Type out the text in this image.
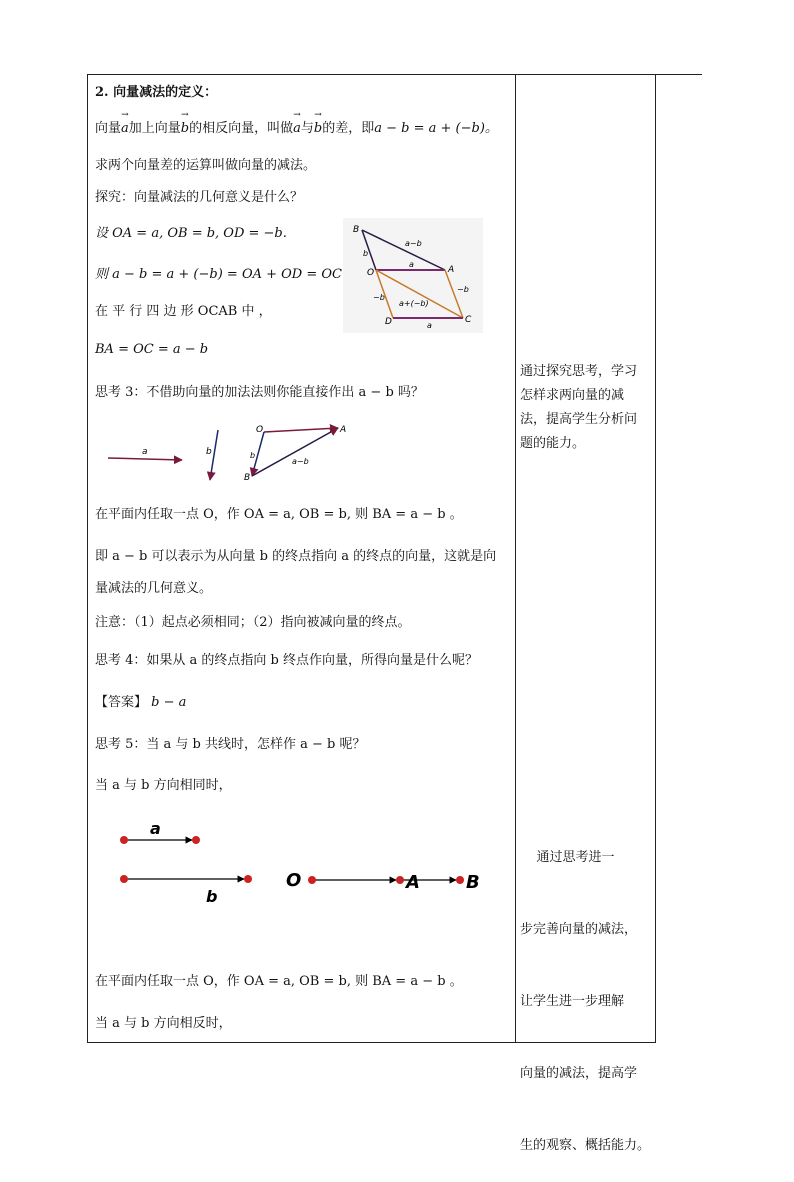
2. 向量减法的定义：
向量→ a加上向量→ b的相反向量，叫做→ a与→ b的差，即a − b = a + (−b)。
求两个向量差的运算叫做向量的减法。
探究：向量减法的几何意义是什么？
设 OA = a, OB = b, OD = −b.
则 a − b = a + (−b) = OA + OD = OC
在 平 行 四 边 形 OCAB 中 ，
BA = OC = a − b
B
O	A
D	C
a−b
a
b
−b
a+(−b)
a
−b
思考 3：不借助向量的加法法则你能直接作出 a − b 吗？
a	b
O	A
B
b
a−b
在平面内任取一点 O，作 OA = a, OB = b, 则 BA = a − b 。
即 a − b 可以表示为从向量 b 的终点指向 a 的终点的向量，这就是向
量减法的几何意义。
注意：（1）起点必须相同；（2）指向被减向量的终点。
思考 4：如果从 a 的终点指向 b 终点作向量，所得向量是什么呢？
【答案】 b − a
思考 5：当 a 与 b 共线时，怎样作 a − b 呢？
当 a 与 b 方向相同时，
a
b
O	A	B
在平面内任取一点 O，作 OA = a, OB = b, 则 BA = a − b 。
当 a 与 b 方向相反时，
通过探究思考，学习
怎样求两向量的减
法，提高学生分析问
题的能力。

通过思考进一

步完善向量的减法，

让学生进一步理解

向量的减法，提高学

生的观察、概括能力。
